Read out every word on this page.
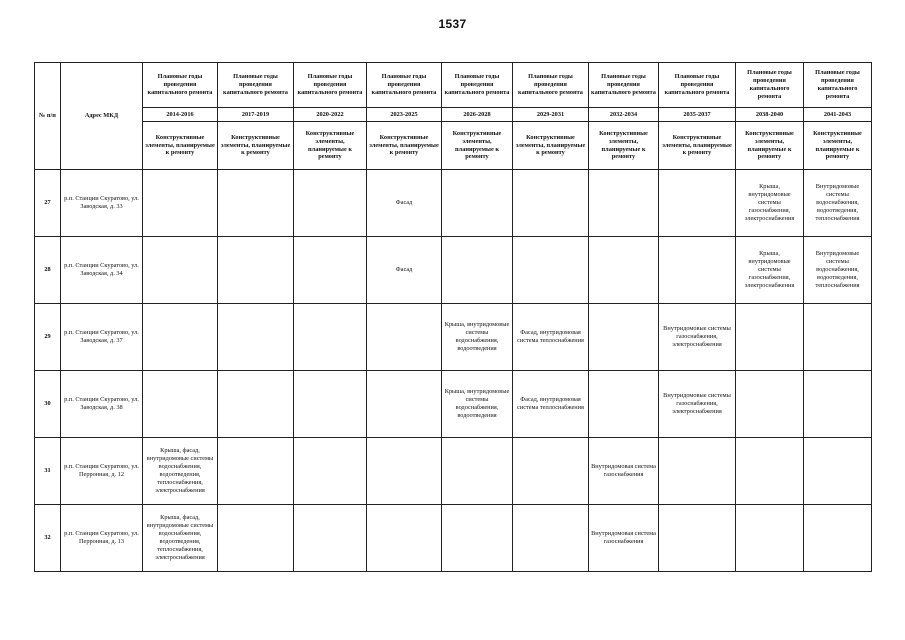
1537
№ п/п	Адрес МКД	Плановые годы проведения капитального ремонта	Плановые годы проведения капитального ремонта	Плановые годы проведения капитального ремонта	Плановые годы проведения капитального ремонта	Плановые годы проведения капитального ремонта	Плановые годы проведения капитального ремонта	Плановые годы проведения капитального ремонта	Плановые годы проведения капитального ремонта	Плановые годы проведения капитального ремонта	Плановые годы проведения капитального ремонта
		2014-2016	2017-2019	2020-2022	2023-2025	2026-2028	2029-2031	2032-2034	2035-2037	2038-2040	2041-2043
		Конструктивные элементы, планируемые к ремонту	Конструктивные элементы, планируемые к ремонту	Конструктивные элементы, планируемые к ремонту	Конструктивные элементы, планируемые к ремонту	Конструктивные элементы, планируемые к ремонту	Конструктивные элементы, планируемые к ремонту	Конструктивные элементы, планируемые к ремонту	Конструктивные элементы, планируемые к ремонту	Конструктивные элементы, планируемые к ремонту	Конструктивные элементы, планируемые к ремонту
27	р.п. Станции Скуратово, ул. Заводская, д. 33				Фасад					Крыша, внутридомовые системы газоснабжения, электроснабжения	Внутридомовые системы водоснабжения, водоотведения, теплоснабжения
28	р.п. Станции Скуратово, ул. Заводская, д. 34				Фасад					Крыша, внутридомовые системы газоснабжения, электроснабжения	Внутридомовые системы водоснабжения, водоотведения, теплоснабжения
29	р.п. Станции Скуратово, ул. Заводская, д. 37					Крыша, внутридомовые системы водоснабжения, водоотведения	Фасад, внутридомовая система теплоснабжения		Внутридомовые системы газоснабжения, электроснабжения		
30	р.п. Станции Скуратово, ул. Заводская, д. 38					Крыша, внутридомовые системы водоснабжения, водоотведения	Фасад, внутридомовая система теплоснабжения		Внутридомовые системы газоснабжения, электроснабжения		
31	р.п. Станции Скуратово, ул. Перронная, д. 12	Крыша, фасад, внутридомовые системы водоснабжения, водоотведения, теплоснабжения, электроснабжения						Внутридомовая система газоснабжения			
32	р.п. Станции Скуратово, ул. Перронная, д. 13	Крыша, фасад, внутридомовые системы водоснабжения, водоотведения, теплоснабжения, электроснабжения						Внутридомовая система газоснабжения			
